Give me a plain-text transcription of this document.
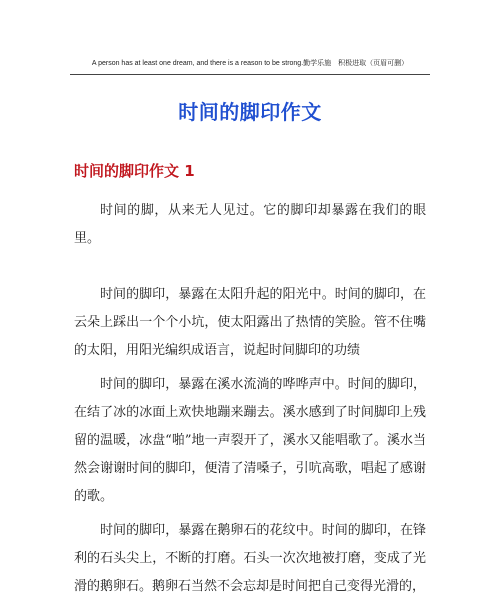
A person has at least one dream, and there is a reason to be strong.勤学乐施　积极进取（页眉可删）
时间的脚印作文
时间的脚印作文 1

时间的脚，从来无人见过。它的脚印却暴露在我们的眼里。

时间的脚印，暴露在太阳升起的阳光中。时间的脚印，在云朵上踩出一个个小坑，使太阳露出了热情的笑脸。管不住嘴的太阳，用阳光编织成语言，说起时间脚印的功绩

时间的脚印，暴露在溪水流淌的哗哗声中。时间的脚印，在结了冰的冰面上欢快地蹦来蹦去。溪水感到了时间脚印上残留的温暖，冰盘“啪”地一声裂开了，溪水又能唱歌了。溪水当然会谢谢时间的脚印，便清了清嗓子，引吭高歌，唱起了感谢的歌。

时间的脚印，暴露在鹅卵石的花纹中。时间的脚印，在锋利的石头尖上，不断的打磨。石头一次次地被打磨，变成了光滑的鹅卵石。鹅卵石当然不会忘却是时间把自己变得光滑的，
